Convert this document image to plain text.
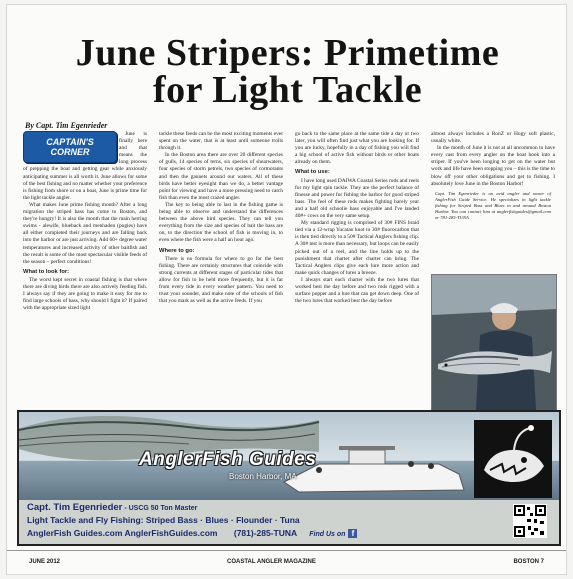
June Stripers: Primetime
for Light Tackle
By Capt. Tim Egenrieder

June is finally here and that means the long process of prepping the boat and getting gear while anxiously anticipating summer is all worth it. June allows for some of the best fishing and no matter whether your preference is fishing from shore or on a boat, June is prime time for the light tackle angler.

What makes June prime fishing month? After a long migration the striped bass has come to Boston, and they're hungry! It is also the month that the main herring swims - alewife, blueback and menhaden (pogies) have all either completed their journeys and are falling back into the harbor or are just arriving. Add 60+ degree water temperatures and increased activity of other baitfish and the result is some of the most spectacular visible feeds of the season – perfect conditions!

What to look for:

The worst kept secret in coastal fishing is that where there are diving birds there are also actively feeding fish. I always say if they are going to make it easy for me to find large schools of bass, why should I fight it? If paired with the appropriate sized light

CAPTAIN'S
CORNER

tackle these feeds can be the most exciting moments ever spent on the water, that is at least until someone trolls through it.

In the Boston area there are over 20 different species of gulls, 14 species of terns, six species of shearwaters, four species of storm petrels, two species of cormorants and then the gannets around our waters. All of these birds have better eyesight than we do, a better vantage point for viewing and have a more pressing need to catch fish than even the most crazed angler.

The key to being able to last in the fishing game is being able to observe and understand the differences between the above bird species. They can tell you everything from the size and species of bait the bass are on, to the direction the school of fish is moving in, to even where the fish were a half an hour ago.

Where to go:

There is no formula for where to go for the best fishing. There are certainly structures that coincide with strong currents at different stages of particular tides that allow for fish to be held more frequently, but it is far from every tide in every weather pattern. You need to trust your sounder, and make note of the schools of fish that you mark as well as the active feeds. If you

go back to the same place at the same tide a day or two later, you will often find just what you are looking for. If you are lucky, hopefully in a day of fishing you will find a big school of active fish without birds or other boats already on them.

What to use:

I have long used DAIWA Coastal Series rods and reels for my light spin tackle. They are the perfect balance of finesse and power for fishing the harbor for good striped bass. The feel of these rods makes fighting barely year and a half old schoolie bass enjoyable and I've landed 40#+ cows on the very same setup.

My standard rigging is comprised of 30# FINS braid tied via a 12-wrap Yucatan knot to 30# fluorocarbon that is then tied directly to a 50# Tactical Anglers fishing clip. A 30# test is more than necessary, but loops can be easily picked out of a reel, and the line holds up to the punishment that charter after charter can bring. The Tactical Anglers clips give each lure more action and make quick changes of lures a breeze.

I always start each charter with the two lures that worked best the day before and two rods rigged with a surface popper and a lure that can get down deep. One of the two lures that worked best the day before

almost always includes a RonZ or Hogy soft plastic, usually white.

In the month of June it is not at all uncommon to have every cast from every angler on the boat hook into a striper. If you've been longing to get on the water but work and life have been stopping you – this is the time to blow off your other obligations and get to fishing. I absolutely love June in the Boston Harbor!

Capt. Tim Egenrieder is an avid angler and owner of AnglerFish Guide Service. He specializes in light tackle fishing for Striped Bass and Blues in and around Boston Harbor. You can contact him at anglerfishguides@gmail.com or 781-285-TUNA

AnglerFish Guides
Boston Harbor, MA
Capt. Tim Egenrieder - USCG 50 Ton Master
Light Tackle and Fly Fishing: Striped Bass · Blues · Flounder · Tuna
AnglerFish Guides.com AnglerFishGuides.com (781)-285-TUNA Find Us on f
JUNE 2012	COASTAL ANGLER MAGAZINE	BOSTON 7
